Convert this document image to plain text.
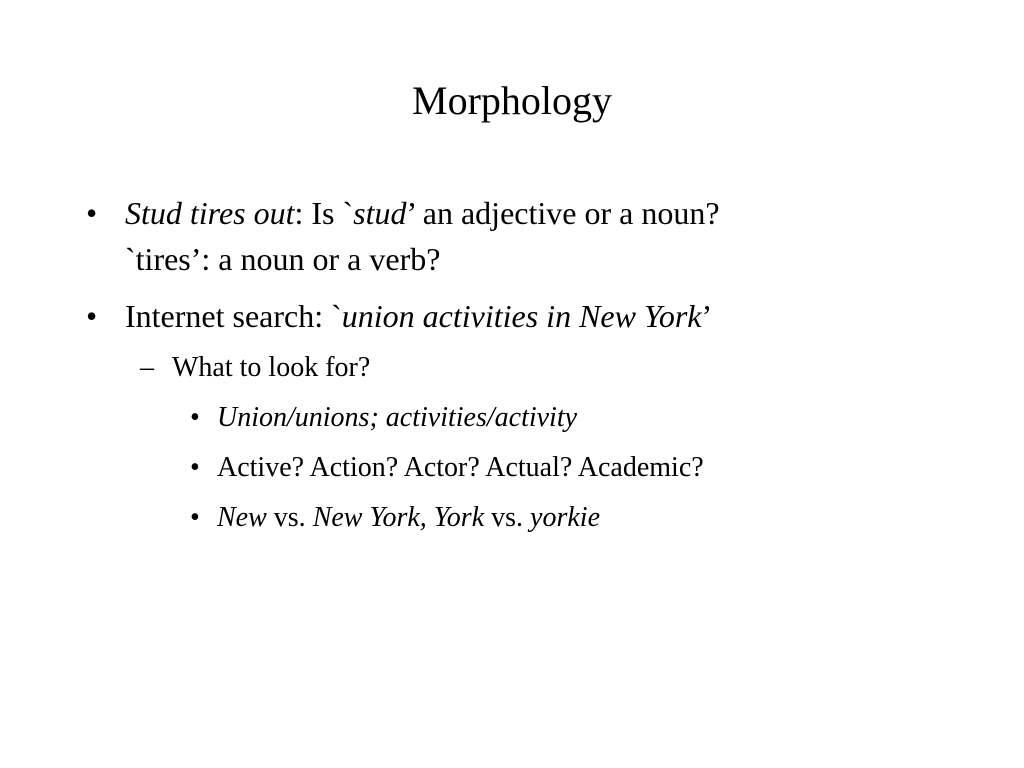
Morphology
• Stud tires out: Is `stud’ an adjective or a noun?
`tires’: a noun or a verb?
• Internet search: `union activities in New York’
– What to look for?
• Union/unions; activities/activity
• Active? Action? Actor? Actual? Academic?
• New vs. New York, York vs. yorkie
